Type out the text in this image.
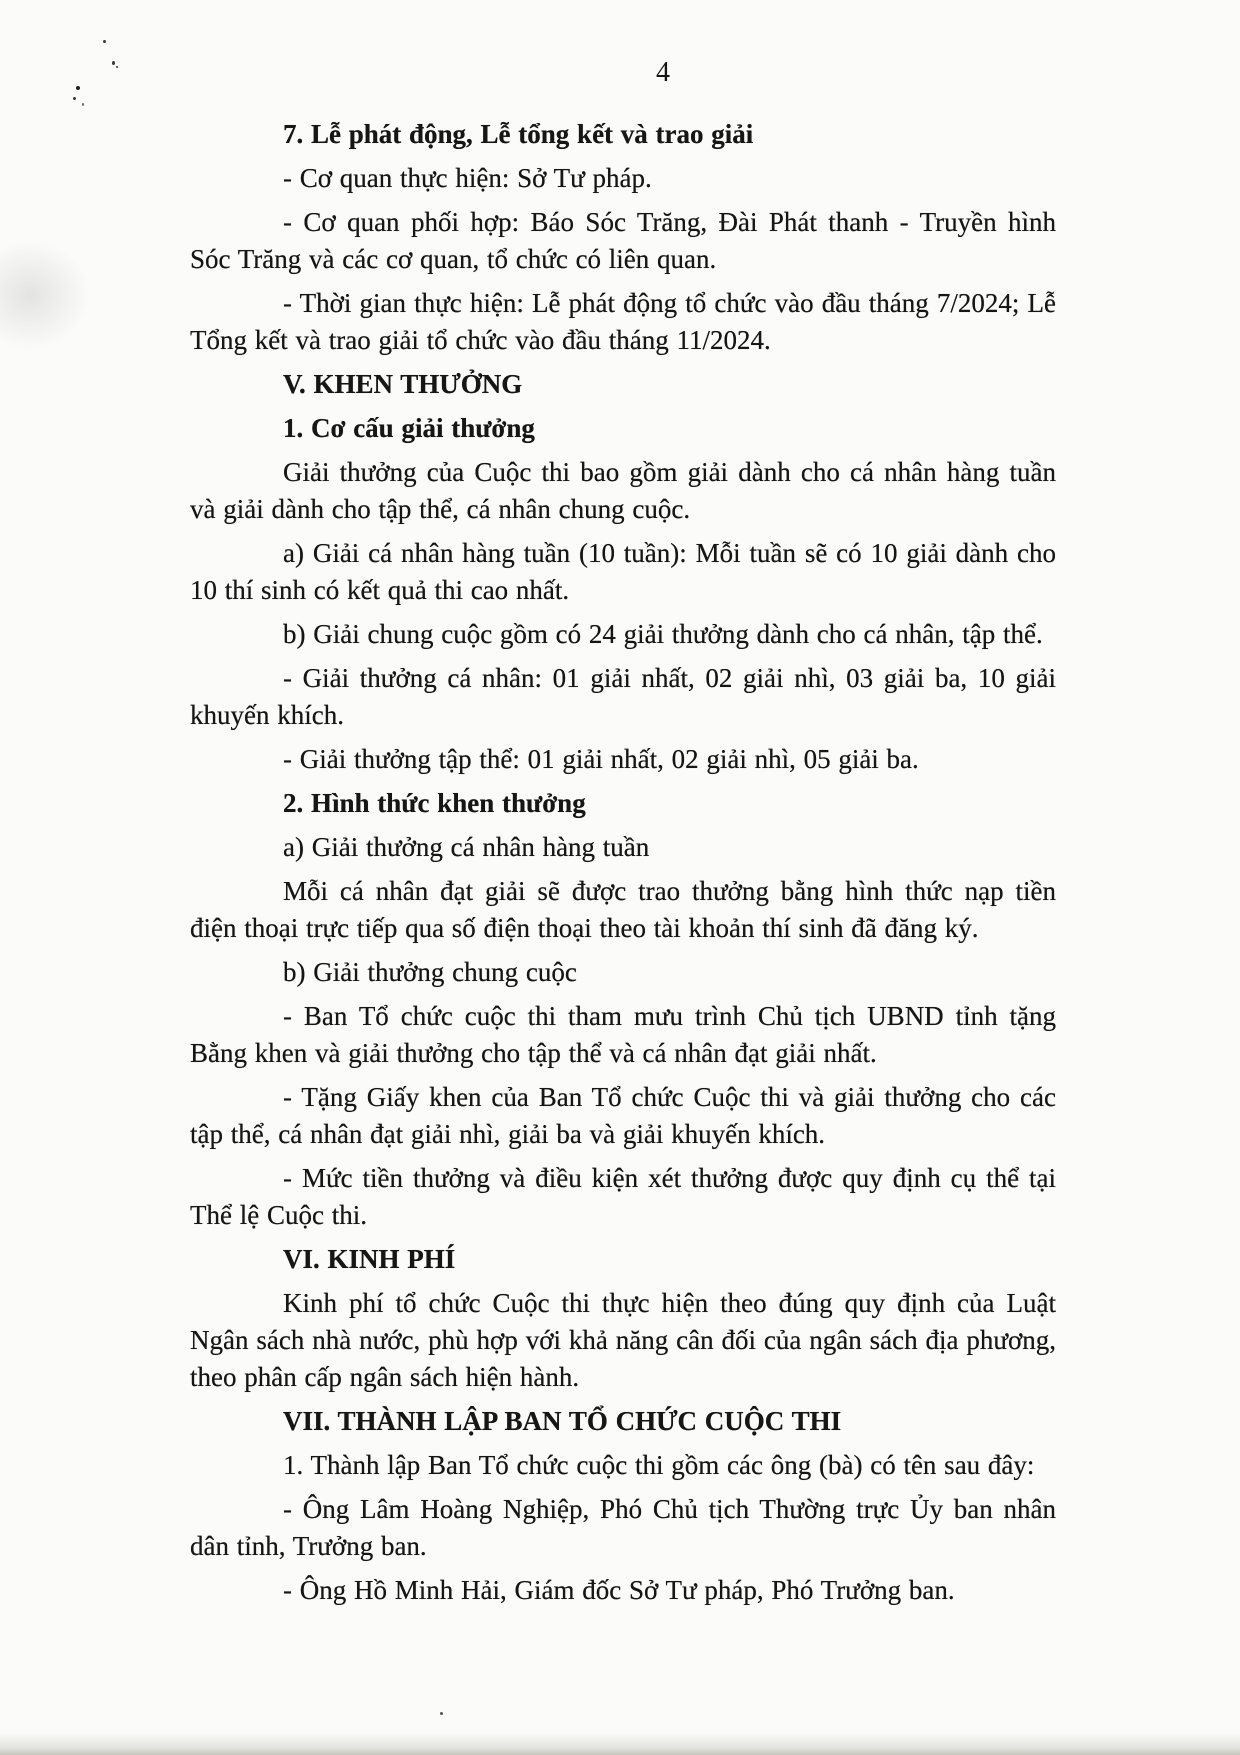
4

7. Lễ phát động, Lễ tổng kết và trao giải

- Cơ quan thực hiện: Sở Tư pháp.

- Cơ quan phối hợp: Báo Sóc Trăng, Đài Phát thanh - Truyền hình Sóc Trăng và các cơ quan, tổ chức có liên quan.

- Thời gian thực hiện: Lễ phát động tổ chức vào đầu tháng 7/2024; Lễ Tổng kết và trao giải tổ chức vào đầu tháng 11/2024.

V. KHEN THƯỞNG

1. Cơ cấu giải thưởng

Giải thưởng của Cuộc thi bao gồm giải dành cho cá nhân hàng tuần và giải dành cho tập thể, cá nhân chung cuộc.

a) Giải cá nhân hàng tuần (10 tuần): Mỗi tuần sẽ có 10 giải dành cho 10 thí sinh có kết quả thi cao nhất.

b) Giải chung cuộc gồm có 24 giải thưởng dành cho cá nhân, tập thể.

- Giải thưởng cá nhân: 01 giải nhất, 02 giải nhì, 03 giải ba, 10 giải khuyến khích.

- Giải thưởng tập thể: 01 giải nhất, 02 giải nhì, 05 giải ba.

2. Hình thức khen thưởng

a) Giải thưởng cá nhân hàng tuần

Mỗi cá nhân đạt giải sẽ được trao thưởng bằng hình thức nạp tiền điện thoại trực tiếp qua số điện thoại theo tài khoản thí sinh đã đăng ký.

b) Giải thưởng chung cuộc

- Ban Tổ chức cuộc thi tham mưu trình Chủ tịch UBND tỉnh tặng Bằng khen và giải thưởng cho tập thể và cá nhân đạt giải nhất.

- Tặng Giấy khen của Ban Tổ chức Cuộc thi và giải thưởng cho các tập thể, cá nhân đạt giải nhì, giải ba và giải khuyến khích.

- Mức tiền thưởng và điều kiện xét thưởng được quy định cụ thể tại Thể lệ Cuộc thi.

VI. KINH PHÍ

Kinh phí tổ chức Cuộc thi thực hiện theo đúng quy định của Luật Ngân sách nhà nước, phù hợp với khả năng cân đối của ngân sách địa phương, theo phân cấp ngân sách hiện hành.

VII. THÀNH LẬP BAN TỔ CHỨC CUỘC THI

1. Thành lập Ban Tổ chức cuộc thi gồm các ông (bà) có tên sau đây:

- Ông Lâm Hoàng Nghiệp, Phó Chủ tịch Thường trực Ủy ban nhân dân tỉnh, Trưởng ban.

- Ông Hồ Minh Hải, Giám đốc Sở Tư pháp, Phó Trưởng ban.
